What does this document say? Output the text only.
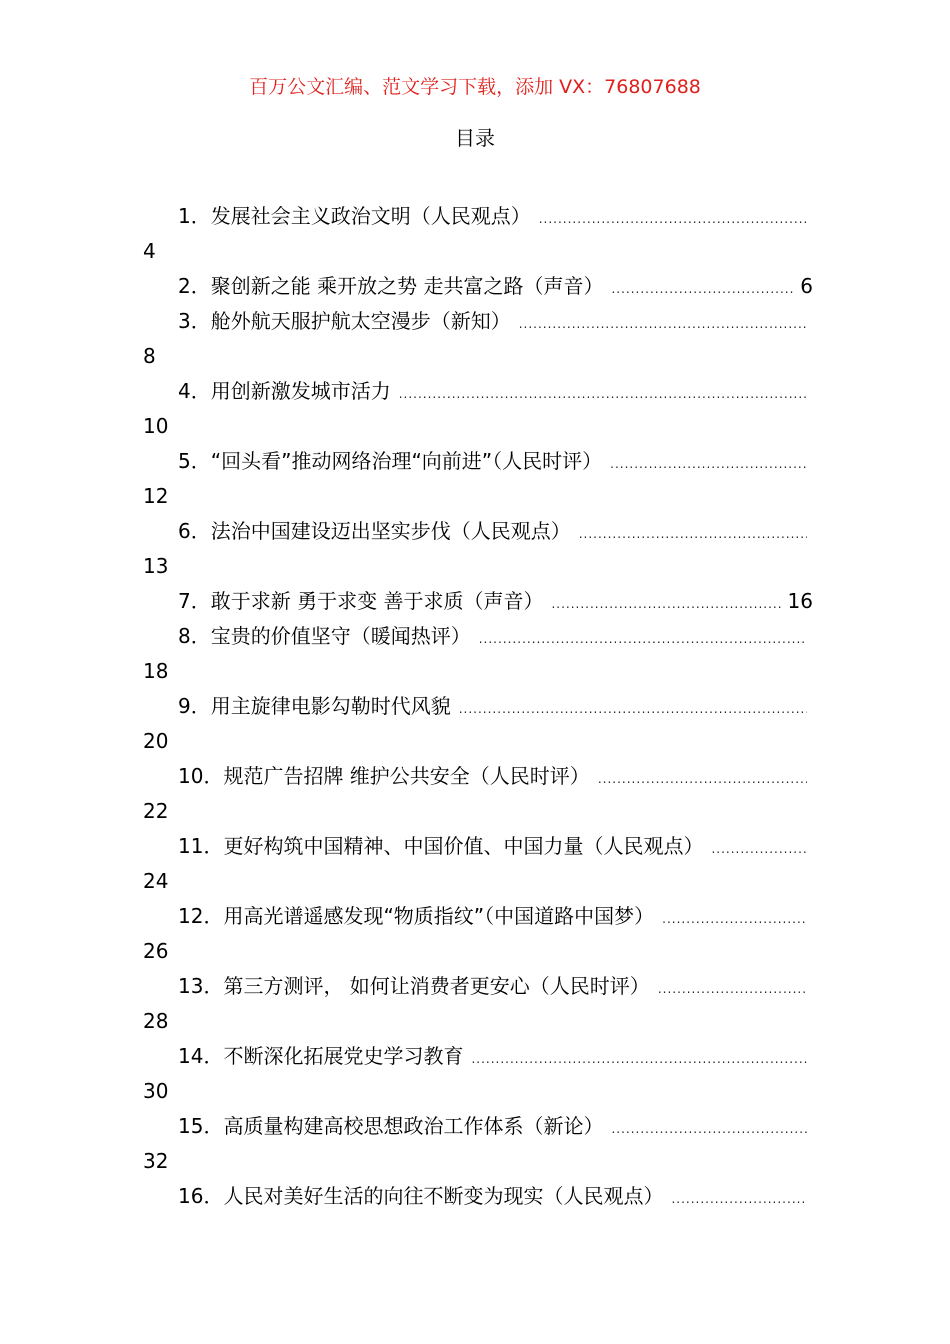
百万公文汇编、范文学习下载，添加 VX：76807688
目录
1．发展社会主义政治文明（人民观点）
.....
4
2．聚创新之能 乘开放之势 走共富之路（声音） .....	6
3．舱外航天服护航太空漫步（新知）
.....
8
4．用创新激发城市活力
.....
10
5．“回头看”推动网络治理“向前进”（人民时评）
.....
12
6．法治中国建设迈出坚实步伐（人民观点）
.....
13
7．敢于求新 勇于求变 善于求质（声音） .....	16
8．宝贵的价值坚守（暖闻热评）
.....
18
9．用主旋律电影勾勒时代风貌
.....
20
10．规范广告招牌 维护公共安全（人民时评）
.....
22
11．更好构筑中国精神、中国价值、中国力量（人民观点）
.....
24
12．用高光谱遥感发现“物质指纹”（中国道路中国梦）
.....
26
13．第三方测评， 如何让消费者更安心（人民时评）
.....
28
14．不断深化拓展党史学习教育
.....
30
15．高质量构建高校思想政治工作体系（新论）
.....
32
16．人民对美好生活的向往不断变为现实（人民观点）
.....
